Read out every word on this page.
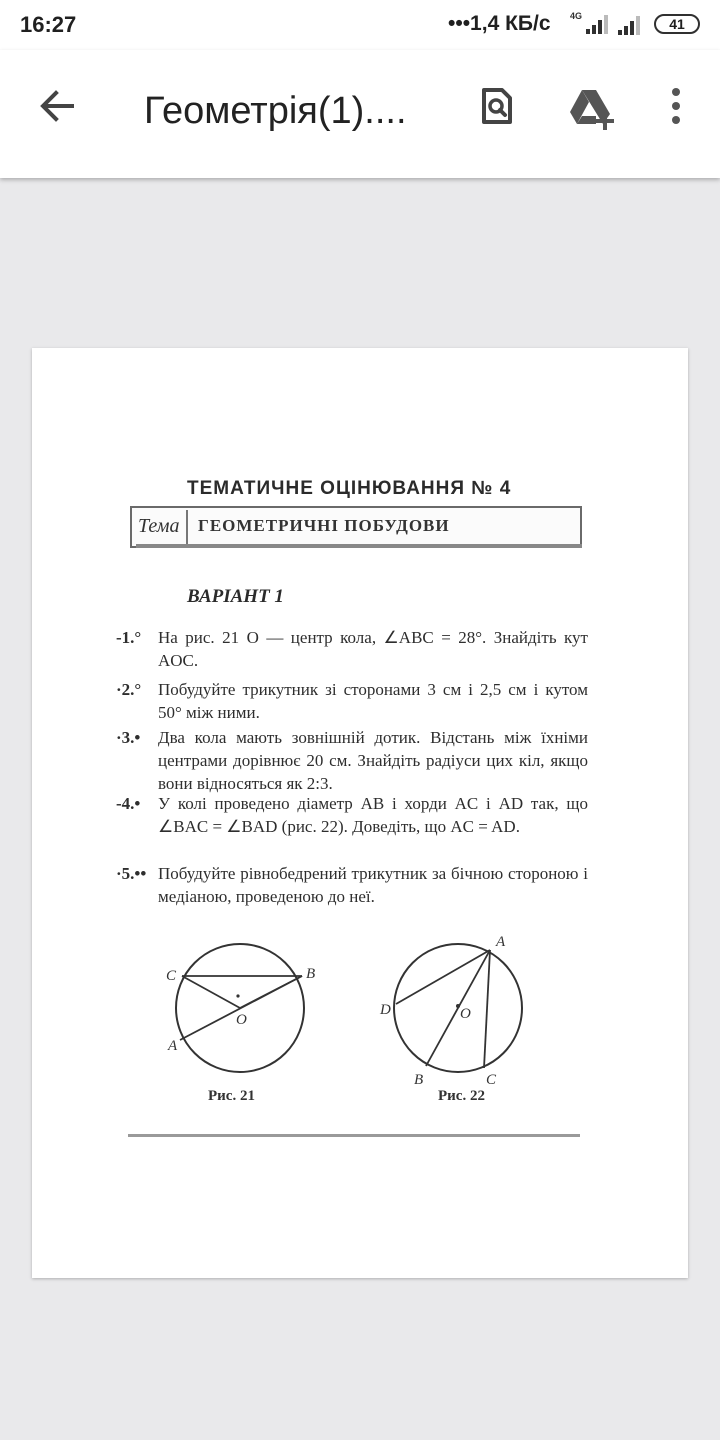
16:27	•••1,4 КБ/с 4G	41
Геометрія(1)....
ТЕМАТИЧНЕ ОЦІНЮВАННЯ № 4
Тема ГЕОМЕТРИЧНІ ПОБУДОВИ
ВАРІАНТ 1
-1.° На рис. 21 O — центр кола, ∠ABC = 28°. Знайдіть кут AOC.
·2.° Побудуйте трикутник зі сторонами 3 см і 2,5 см і кутом 50° між ними.
·3.• Два кола мають зовнішній дотик. Відстань між їхніми центрами дорівнює 20 см. Знайдіть радіуси цих кіл, якщо вони відносяться як 2:3.
-4.• У колі проведено діаметр AB і хорди AC і AD так, що ∠BAC = ∠BAD (рис. 22). Доведіть, що AC = AD.
·5.•• Побудуйте рівнобедрений трикутник за бічною стороною і медіаною, проведеною до неї.
C	B
O
A
Рис. 21
A
D	O
B	C
Рис. 22
